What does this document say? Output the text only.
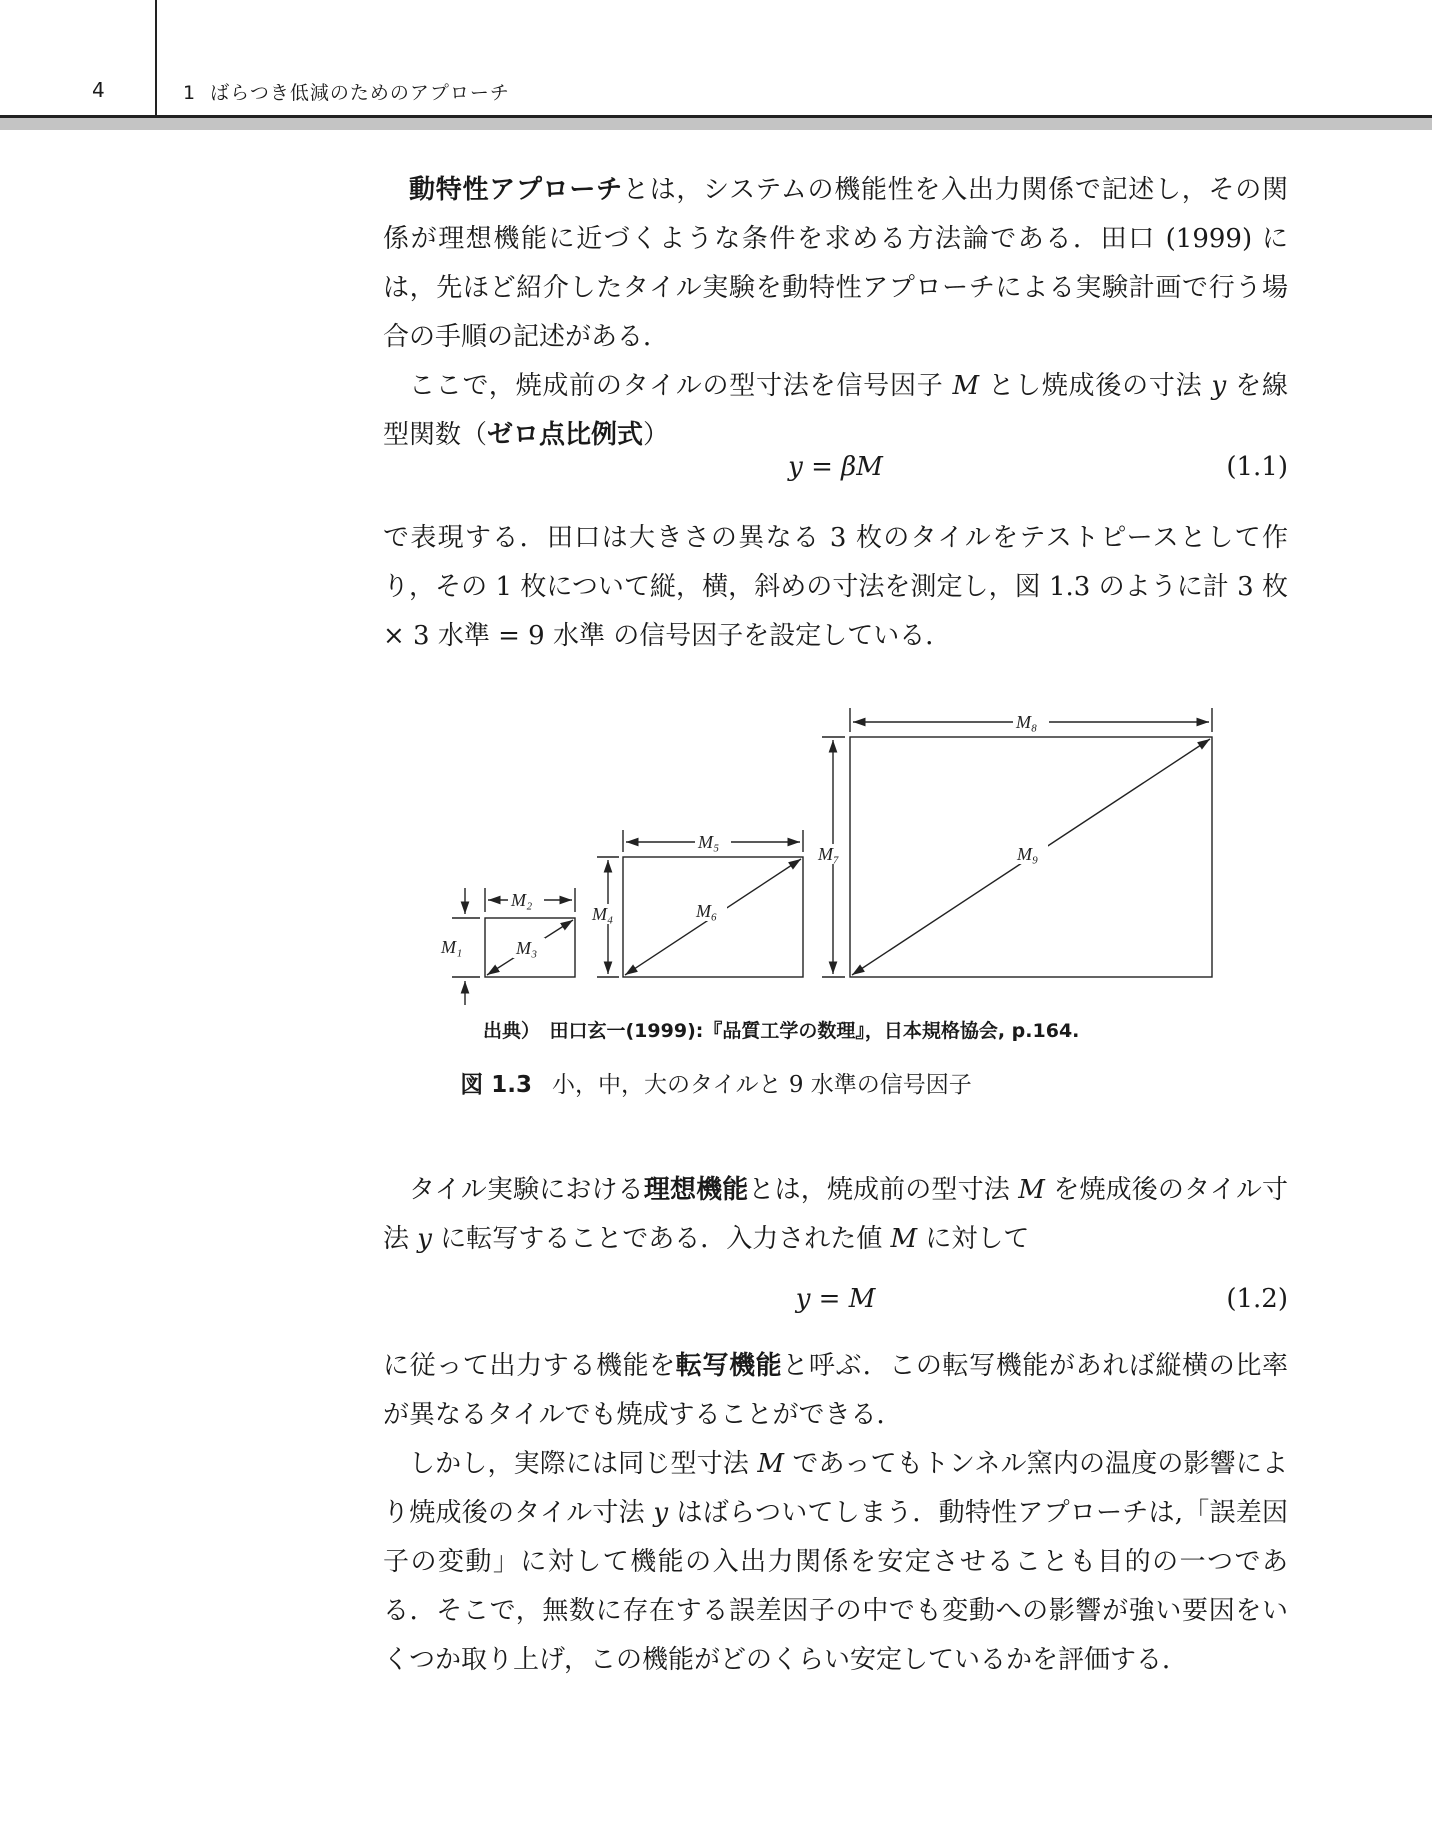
4	1 ばらつき低減のためのアプローチ

動特性アプローチとは，システムの機能性を入出力関係で記述し，その関係が理想機能に近づくような条件を求める方法論である．田口 (1999) には，先ほど紹介したタイル実験を動特性アプローチによる実験計画で行う場合の手順の記述がある．

ここで，焼成前のタイルの型寸法を信号因子 M とし焼成後の寸法 y を線型関数（ゼロ点比例式）

y = βM	(1.1)

で表現する．田口は大きさの異なる 3 枚のタイルをテストピースとして作り，その 1 枚について縦，横，斜めの寸法を測定し，図 1.3 のように計 3 枚 × 3 水準 = 9 水準 の信号因子を設定している．

M₂
M₁	M₃
M₅
M₄	M₆
M₈
M₇	M₉
出典）　田口玄一(1999):『品質工学の数理』，日本規格協会, p.164.
図 1.3 小，中，大のタイルと 9 水準の信号因子

タイル実験における理想機能とは，焼成前の型寸法 M を焼成後のタイル寸法 y に転写することである．入力された値 M に対して

y = M	(1.2)

に従って出力する機能を転写機能と呼ぶ．この転写機能があれば縦横の比率が異なるタイルでも焼成することができる．

しかし，実際には同じ型寸法 M であってもトンネル窯内の温度の影響により焼成後のタイル寸法 y はばらついてしまう．動特性アプローチは,「誤差因子の変動」に対して機能の入出力関係を安定させることも目的の一つである．そこで，無数に存在する誤差因子の中でも変動への影響が強い要因をいくつか取り上げ，この機能がどのくらい安定しているかを評価する．
